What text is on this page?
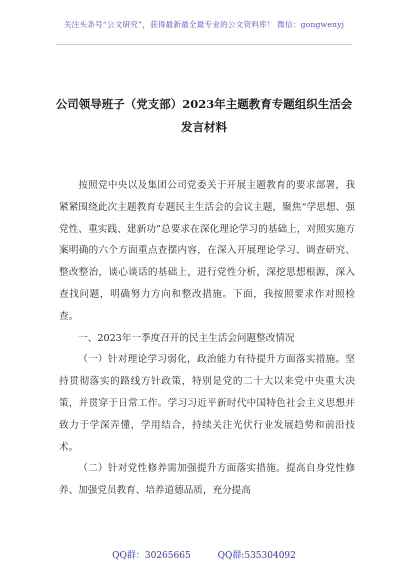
关注头条号“公文研究”，获得最新最全最专业的公文资料库！ 微信：gongwenyj
公司领导班子（党支部）2023年主题教育专题组织生活会
发言材料

按照党中央以及集团公司党委关于开展主题教育的要求部署，我紧紧围绕此次主题教育专题民主生活会的会议主题，聚焦“学思想、强党性、重实践、建新功”总要求在深化理论学习的基础上，对照实施方案明确的六个方面重点查摆内容，在深入开展理论学习、调查研究、整改整治，谈心谈话的基础上，进行党性分析，深挖思想根源，深入查找问题，明确努力方向和整改措施。下面，我按照要求作对照检查。

一、2023年一季度召开的民主生活会问题整改情况

（一）针对理论学习弱化，政治能力有待提升方面落实措施。坚持贯彻落实的路线方针政策，特别是党的二十大以来党中央重大决策，并贯穿于日常工作。学习习近平新时代中国特色社会主义思想并致力于学深弄懂，学用结合，持续关注光伏行业发展趋势和前沿技术。

（二）针对党性修养需加强提升方面落实措施。提高自身党性修养、加强党员教育、培养道德品质，充分提高

QQ群：30265665	QQ群:535304092
